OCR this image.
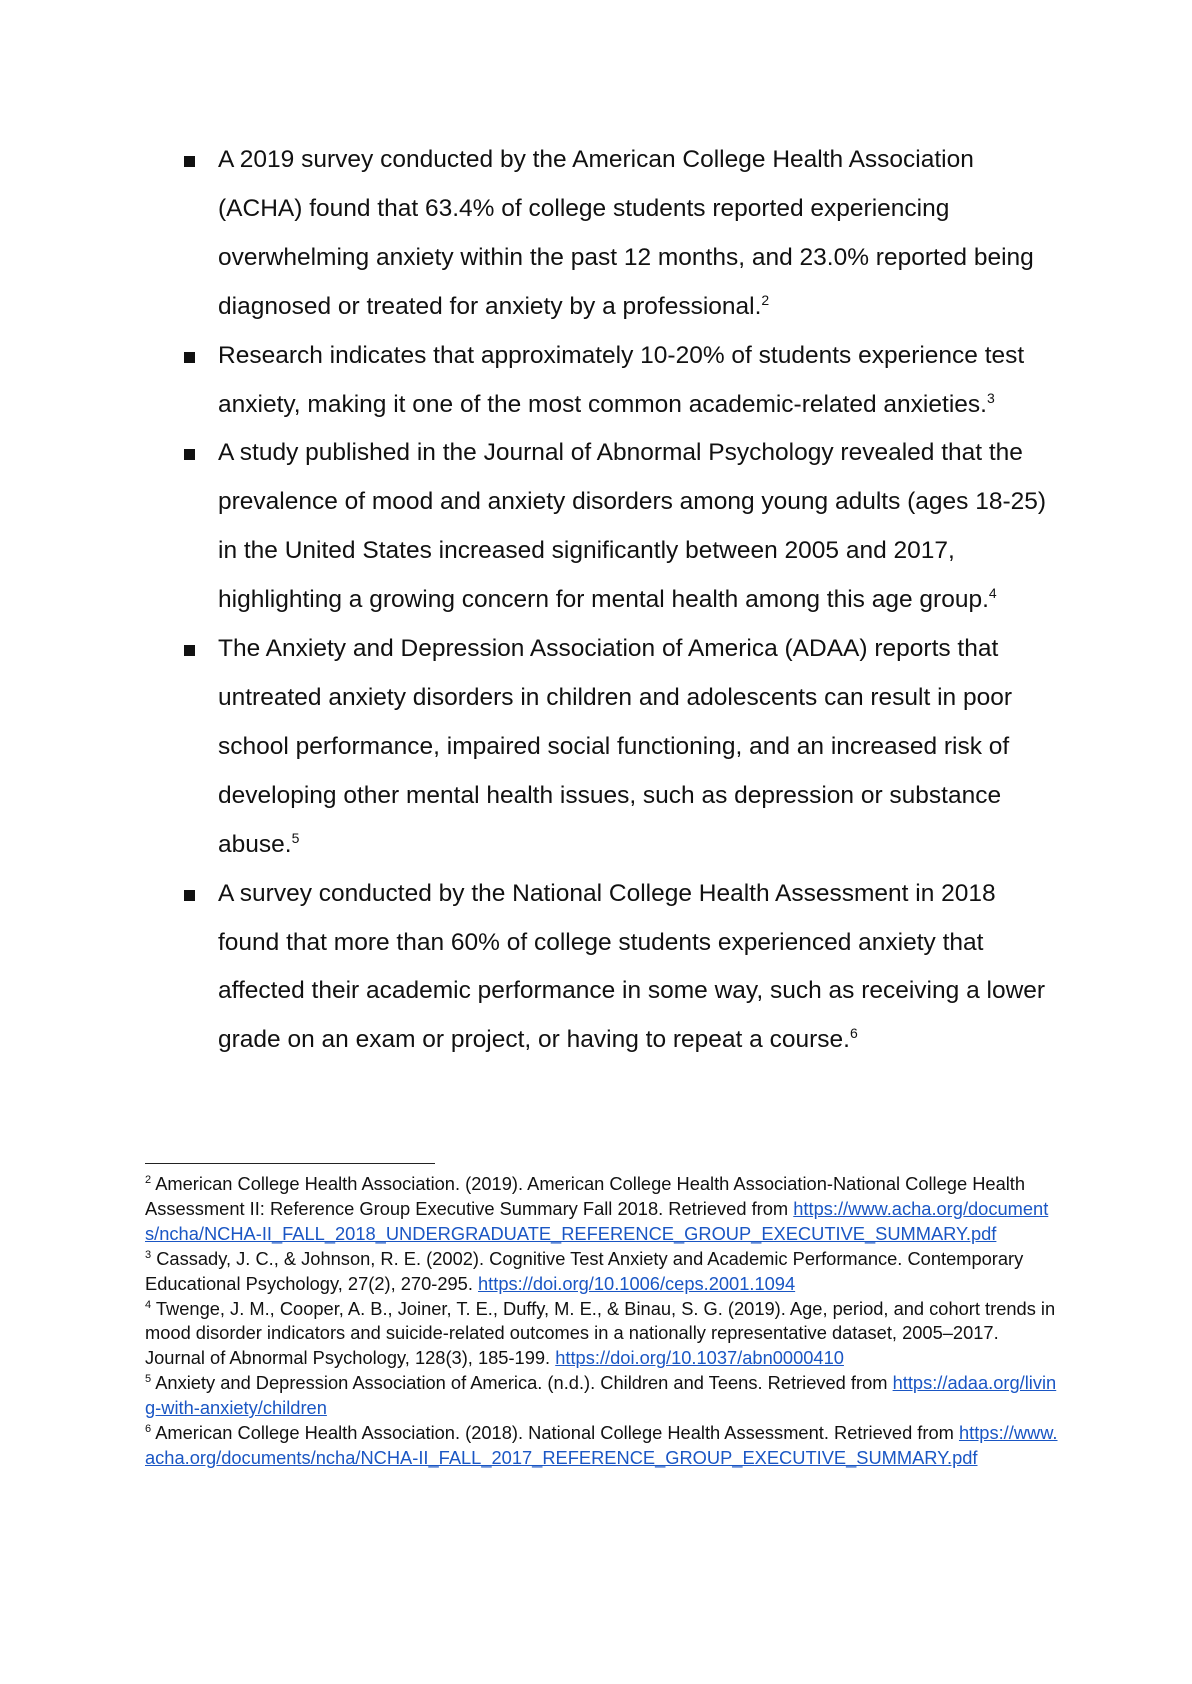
A 2019 survey conducted by the American College Health Association (ACHA) found that 63.4% of college students reported experiencing overwhelming anxiety within the past 12 months, and 23.0% reported being diagnosed or treated for anxiety by a professional.$^2$
Research indicates that approximately 10-20% of students experience test anxiety, making it one of the most common academic-related anxieties.$^3$
A study published in the Journal of Abnormal Psychology revealed that the prevalence of mood and anxiety disorders among young adults (ages 18-25) in the United States increased significantly between 2005 and 2017, highlighting a growing concern for mental health among this age group.$^4$
The Anxiety and Depression Association of America (ADAA) reports that untreated anxiety disorders in children and adolescents can result in poor school performance, impaired social functioning, and an increased risk of developing other mental health issues, such as depression or substance abuse.$^5$
A survey conducted by the National College Health Assessment in 2018 found that more than 60% of college students experienced anxiety that affected their academic performance in some way, such as receiving a lower grade on an exam or project, or having to repeat a course.$^6$

$^2$ American College Health Association. (2019). American College Health Association-National College Health Assessment II: Reference Group Executive Summary Fall 2018. Retrieved from https://www.acha.org/documents/ncha/NCHA-II_FALL_2018_UNDERGRADUATE_REFERENCE_GROUP_EXECUTIVE_SUMMARY.pdf

$^3$ Cassady, J. C., & Johnson, R. E. (2002). Cognitive Test Anxiety and Academic Performance. Contemporary Educational Psychology, 27(2), 270-295. https://doi.org/10.1006/ceps.2001.1094

$^4$ Twenge, J. M., Cooper, A. B., Joiner, T. E., Duffy, M. E., & Binau, S. G. (2019). Age, period, and cohort trends in mood disorder indicators and suicide-related outcomes in a nationally representative dataset, 2005–2017. Journal of Abnormal Psychology, 128(3), 185-199. https://doi.org/10.1037/abn0000410

$^5$ Anxiety and Depression Association of America. (n.d.). Children and Teens. Retrieved from https://adaa.org/living-with-anxiety/children

$^6$ American College Health Association. (2018). National College Health Assessment. Retrieved from https://www.acha.org/documents/ncha/NCHA-II_FALL_2017_REFERENCE_GROUP_EXECUTIVE_SUMMARY.pdf
